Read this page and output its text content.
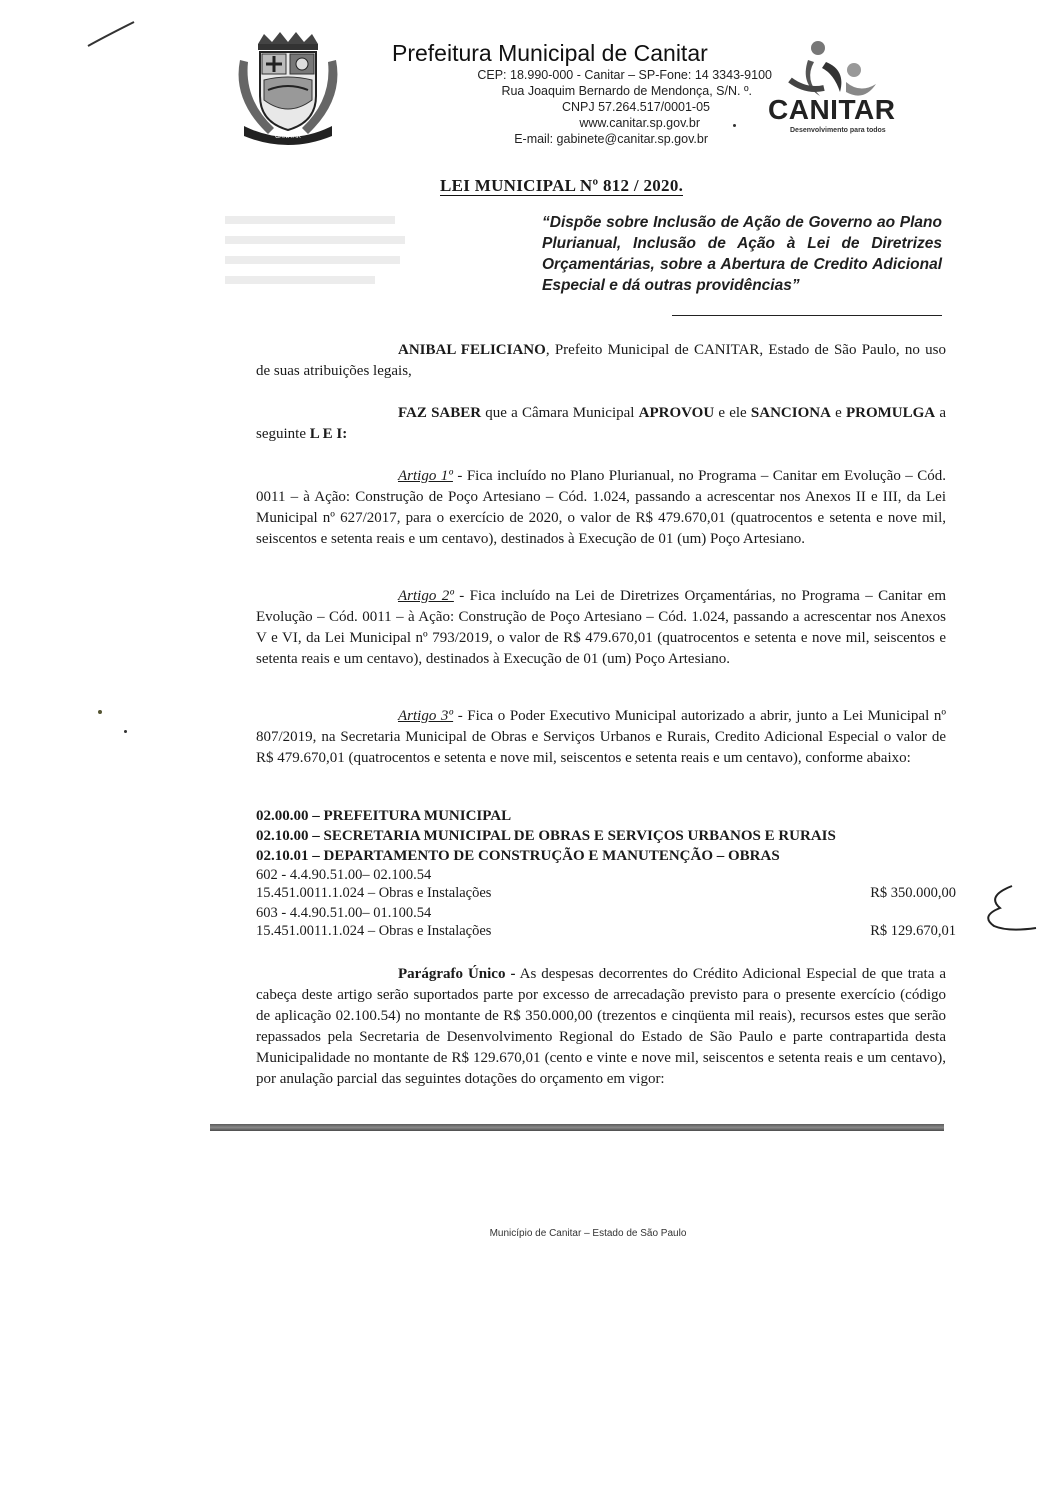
CANITAR
Prefeitura Municipal de Canitar
CEP: 18.990-000 - Canitar – SP-Fone: 14 3343-9100
Rua Joaquim Bernardo de Mendonça, S/N. º.
CNPJ 57.264.517/0001-05
www.canitar.sp.gov.br
E-mail: gabinete@canitar.sp.gov.br
CANITAR
Desenvolvimento para todos
LEI MUNICIPAL Nº 812 / 2020.
“Dispõe sobre Inclusão de Ação de Governo ao Plano Plurianual, Inclusão de Ação à Lei de Diretrizes Orçamentárias, sobre a Abertura de Credito Adicional Especial e dá outras providências”
ANIBAL FELICIANO, Prefeito Municipal de CANITAR, Estado de São Paulo, no uso de suas atribuições legais,
FAZ SABER que a Câmara Municipal APROVOU e ele SANCIONA e PROMULGA a seguinte L E I:
Artigo 1º - Fica incluído no Plano Plurianual, no Programa – Canitar em Evolução – Cód. 0011 – à Ação: Construção de Poço Artesiano – Cód. 1.024, passando a acrescentar nos Anexos II e III, da Lei Municipal nº 627/2017, para o exercício de 2020, o valor de R$ 479.670,01 (quatrocentos e setenta e nove mil, seiscentos e setenta reais e um centavo), destinados à Execução de 01 (um) Poço Artesiano.
Artigo 2º - Fica incluído na Lei de Diretrizes Orçamentárias, no Programa – Canitar em Evolução – Cód. 0011 – à Ação: Construção de Poço Artesiano – Cód. 1.024, passando a acrescentar nos Anexos V e VI, da Lei Municipal nº 793/2019, o valor de R$ 479.670,01 (quatrocentos e setenta e nove mil, seiscentos e setenta reais e um centavo), destinados à Execução de 01 (um) Poço Artesiano.
Artigo 3º - Fica o Poder Executivo Municipal autorizado a abrir, junto a Lei Municipal nº 807/2019, na Secretaria Municipal de Obras e Serviços Urbanos e Rurais, Credito Adicional Especial o valor de R$ 479.670,01 (quatrocentos e setenta e nove mil, seiscentos e setenta reais e um centavo), conforme abaixo:
02.00.00 – PREFEITURA MUNICIPAL
02.10.00 – SECRETARIA MUNICIPAL DE OBRAS E SERVIÇOS URBANOS E RURAIS
02.10.01 – DEPARTAMENTO DE CONSTRUÇÃO E MANUTENÇÃO – OBRAS
602 - 4.4.90.51.00– 02.100.54
15.451.0011.1.024 – Obras e Instalações	R$ 350.000,00
603 - 4.4.90.51.00– 01.100.54
15.451.0011.1.024 – Obras e Instalações	R$ 129.670,01
Parágrafo Único - As despesas decorrentes do Crédito Adicional Especial de que trata a cabeça deste artigo serão suportados parte por excesso de arrecadação previsto para o presente exercício (código de aplicação 02.100.54) no montante de R$ 350.000,00 (trezentos e cinqüenta mil reais), recursos estes que serão repassados pela Secretaria de Desenvolvimento Regional do Estado de São Paulo e parte contrapartida desta Municipalidade no montante de R$ 129.670,01 (cento e vinte e nove mil, seiscentos e setenta reais e um centavo), por anulação parcial das seguintes dotações do orçamento em vigor:
Município de Canitar – Estado de São Paulo
